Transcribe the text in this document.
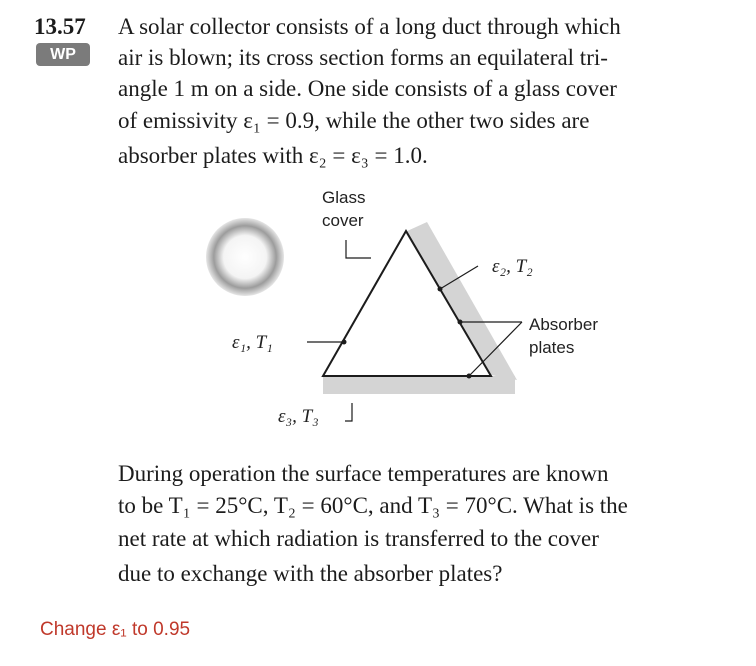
13.57
WP
A solar collector consists of a long duct through which
air is blown; its cross section forms an equilateral tri-
angle 1 m on a side. One side consists of a glass cover
of emissivity ε₁ = 0.9, while the other two sides are
absorber plates with ε₂ = ε₃ = 1.0.
Glass
cover
ε₂, T₂
Absorber
plates
ε₁, T₁
ε₃, T₃
During operation the surface temperatures are known
to be T₁ = 25°C, T₂ = 60°C, and T₃ = 70°C. What is the
net rate at which radiation is transferred to the cover
due to exchange with the absorber plates?
Change ε₁ to 0.95
